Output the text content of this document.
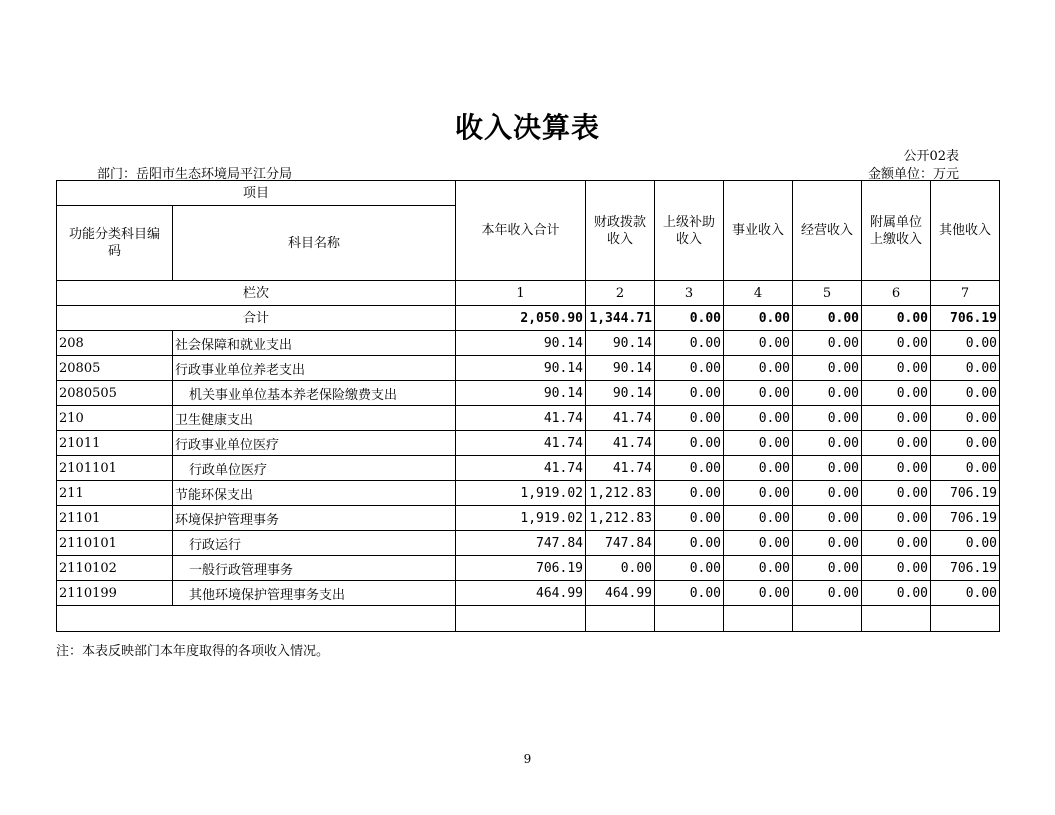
收入决算表
公开02表
部门：岳阳市生态环境局平江分局	金额单位：万元
项目		本年收入合计	财政拨款收入	上级补助收入	事业收入	经营收入	附属单位上缴收入	其他收入
功能分类科目编码	科目名称							
栏次		1	2	3	4	5	6	7
合计		2,050.90	1,344.71	0.00	0.00	0.00	0.00	706.19
208	社会保障和就业支出	90.14	90.14	0.00	0.00	0.00	0.00	0.00
20805	行政事业单位养老支出	90.14	90.14	0.00	0.00	0.00	0.00	0.00
2080505	机关事业单位基本养老保险缴费支出	90.14	90.14	0.00	0.00	0.00	0.00	0.00
210	卫生健康支出	41.74	41.74	0.00	0.00	0.00	0.00	0.00
21011	行政事业单位医疗	41.74	41.74	0.00	0.00	0.00	0.00	0.00
2101101	行政单位医疗	41.74	41.74	0.00	0.00	0.00	0.00	0.00
211	节能环保支出	1,919.02	1,212.83	0.00	0.00	0.00	0.00	706.19
21101	环境保护管理事务	1,919.02	1,212.83	0.00	0.00	0.00	0.00	706.19
2110101	行政运行	747.84	747.84	0.00	0.00	0.00	0.00	0.00
2110102	一般行政管理事务	706.19	0.00	0.00	0.00	0.00	0.00	706.19
2110199	其他环境保护管理事务支出	464.99	464.99	0.00	0.00	0.00	0.00	0.00

注：本表反映部门本年度取得的各项收入情况。
9
